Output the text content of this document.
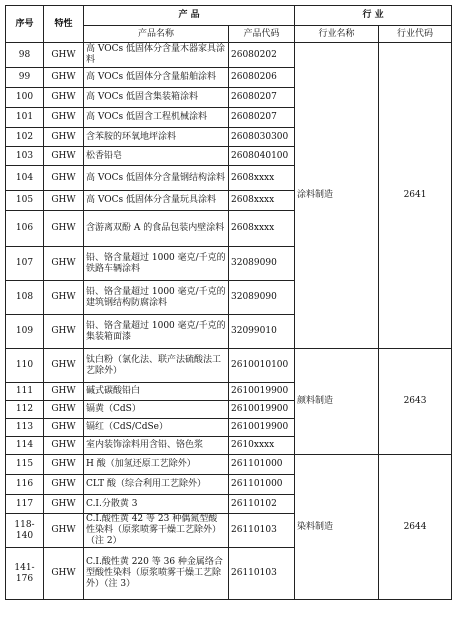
序号	特性	产 品		行 业	
		产品名称	产品代码	行业名称	行业代码
98	GHW	高 VOCs 低固体分含量木器家具涂料	26080202	涂料制造	2641
99	GHW	高 VOCs 低固体分含量船舶涂料	26080206		
100	GHW	高 VOCs 低固含集装箱涂料	26080207		
101	GHW	高 VOCs 低固含工程机械涂料	26080207		
102	GHW	含苯胺的环氧地坪涂料	2608030300		
103	GHW	松香铅皂	2608040100		
104	GHW	高 VOCs 低固体分含量钢结构涂料	2608xxxx		
105	GHW	高 VOCs 低固体分含量玩具涂料	2608xxxx		
106	GHW	含游离双酚 A 的食品包装内壁涂料	2608xxxx		
107	GHW	铅、铬含量超过 1000 毫克/千克的铁路车辆涂料	32089090		
108	GHW	铅、铬含量超过 1000 毫克/千克的建筑钢结构防腐涂料	32089090		
109	GHW	铅、铬含量超过 1000 毫克/千克的集装箱面漆	32099010		
110	GHW	钛白粉（氯化法、联产法硫酸法工艺除外）	2610010100	颜料制造	2643
111	GHW	碱式碳酸铅白	2610019900		
112	GHW	镉黄（CdS）	2610019900		
113	GHW	镉红（CdS/CdSe）	2610019900		
114	GHW	室内装饰涂料用含铅、铬色浆	2610xxxx		
115	GHW	H 酸（加氢还原工艺除外）	261101000	染料制造	2644
116	GHW	CLT 酸（综合利用工艺除外）	261101000		
117	GHW	C.I.分散黄 3	26110102		
118-140	GHW	C.I.酸性黄 42 等 23 种偶氮型酸性染料（原浆喷雾干燥工艺除外）（注 2）	26110103		
141-176	GHW	C.I.酸性黄 220 等 36 种金属络合型酸性染料（原浆喷雾干燥工艺除外）（注 3）	26110103		
